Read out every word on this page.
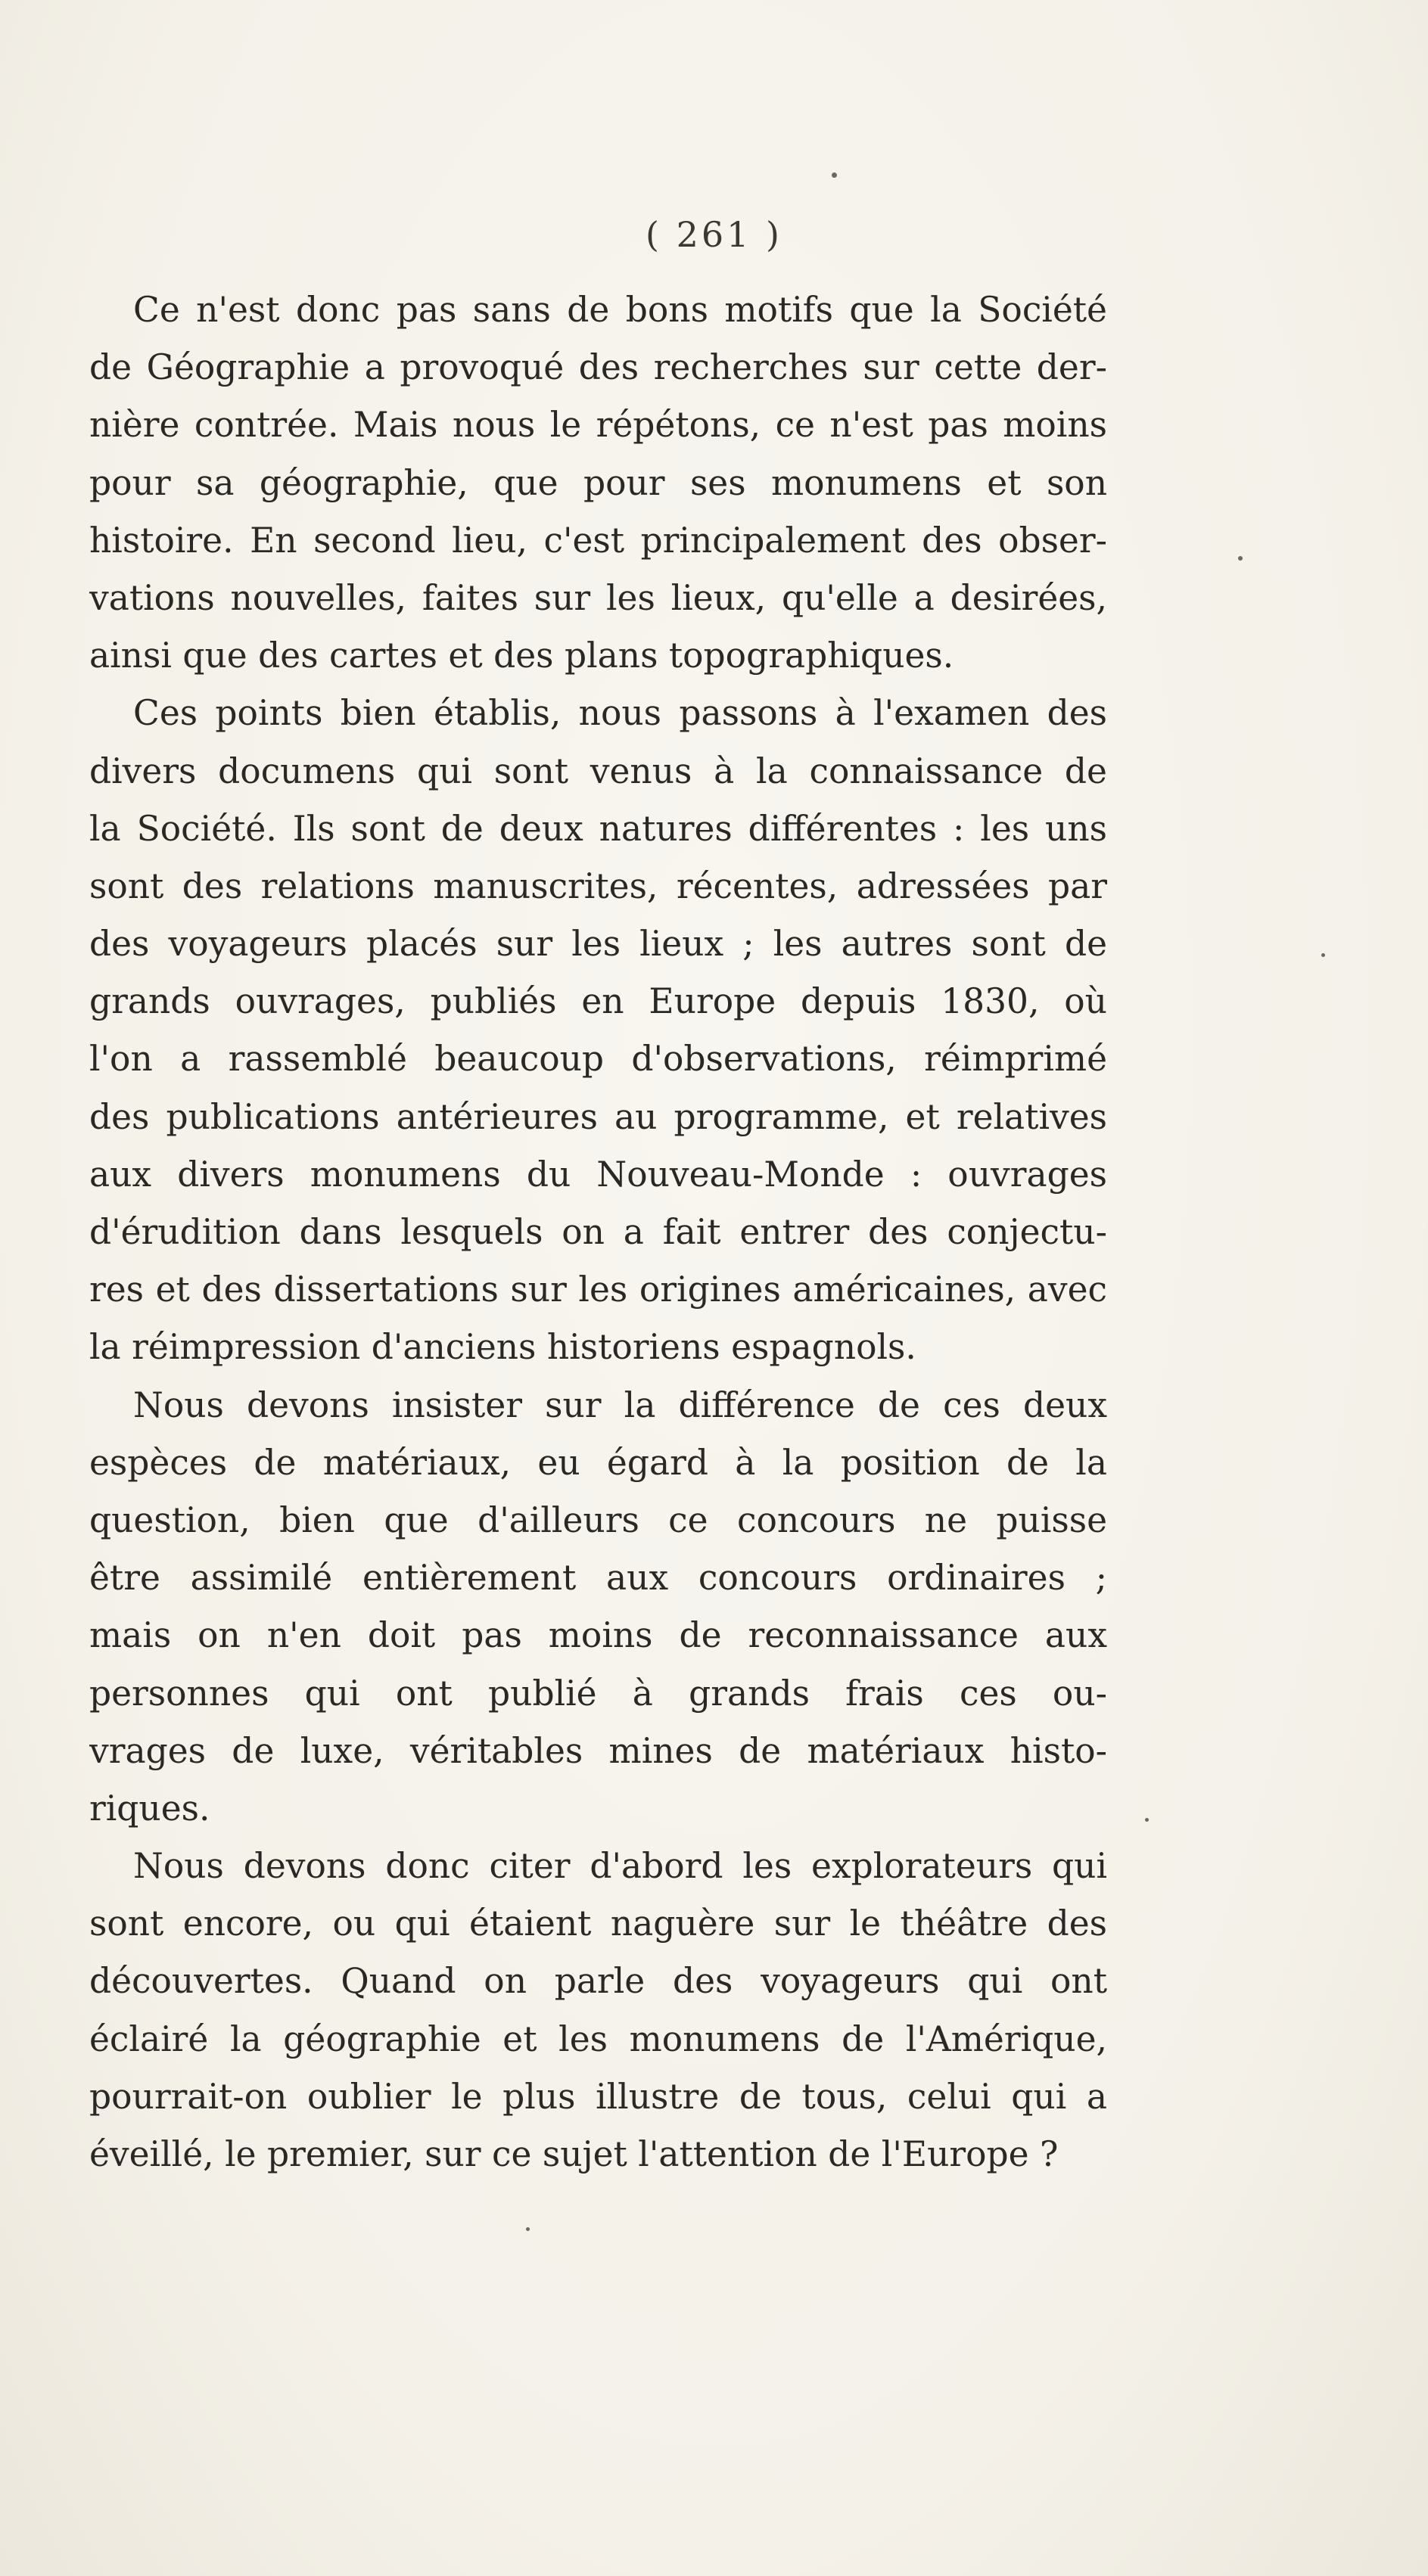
( 261 )
Ce n'est donc pas sans de bons motifs que la Société
de Géographie a provoqué des recherches sur cette der-
nière contrée. Mais nous le répétons, ce n'est pas moins
pour sa géographie, que pour ses monumens et son
histoire. En second lieu, c'est principalement des obser-
vations nouvelles, faites sur les lieux, qu'elle a desirées,
ainsi que des cartes et des plans topographiques.
Ces points bien établis, nous passons à l'examen des
divers documens qui sont venus à la connaissance de
la Société. Ils sont de deux natures différentes : les uns
sont des relations manuscrites, récentes, adressées par
des voyageurs placés sur les lieux ; les autres sont de
grands ouvrages, publiés en Europe depuis 1830, où
l'on a rassemblé beaucoup d'observations, réimprimé
des publications antérieures au programme, et relatives
aux divers monumens du Nouveau-Monde : ouvrages
d'érudition dans lesquels on a fait entrer des conjectu-
res et des dissertations sur les origines américaines, avec
la réimpression d'anciens historiens espagnols.
Nous devons insister sur la différence de ces deux
espèces de matériaux, eu égard à la position de la
question, bien que d'ailleurs ce concours ne puisse
être assimilé entièrement aux concours ordinaires ;
mais on n'en doit pas moins de reconnaissance aux
personnes qui ont publié à grands frais ces ou-
vrages de luxe, véritables mines de matériaux histo-
riques.
Nous devons donc citer d'abord les explorateurs qui
sont encore, ou qui étaient naguère sur le théâtre des
découvertes. Quand on parle des voyageurs qui ont
éclairé la géographie et les monumens de l'Amérique,
pourrait-on oublier le plus illustre de tous, celui qui a
éveillé, le premier, sur ce sujet l'attention de l'Europe ?
